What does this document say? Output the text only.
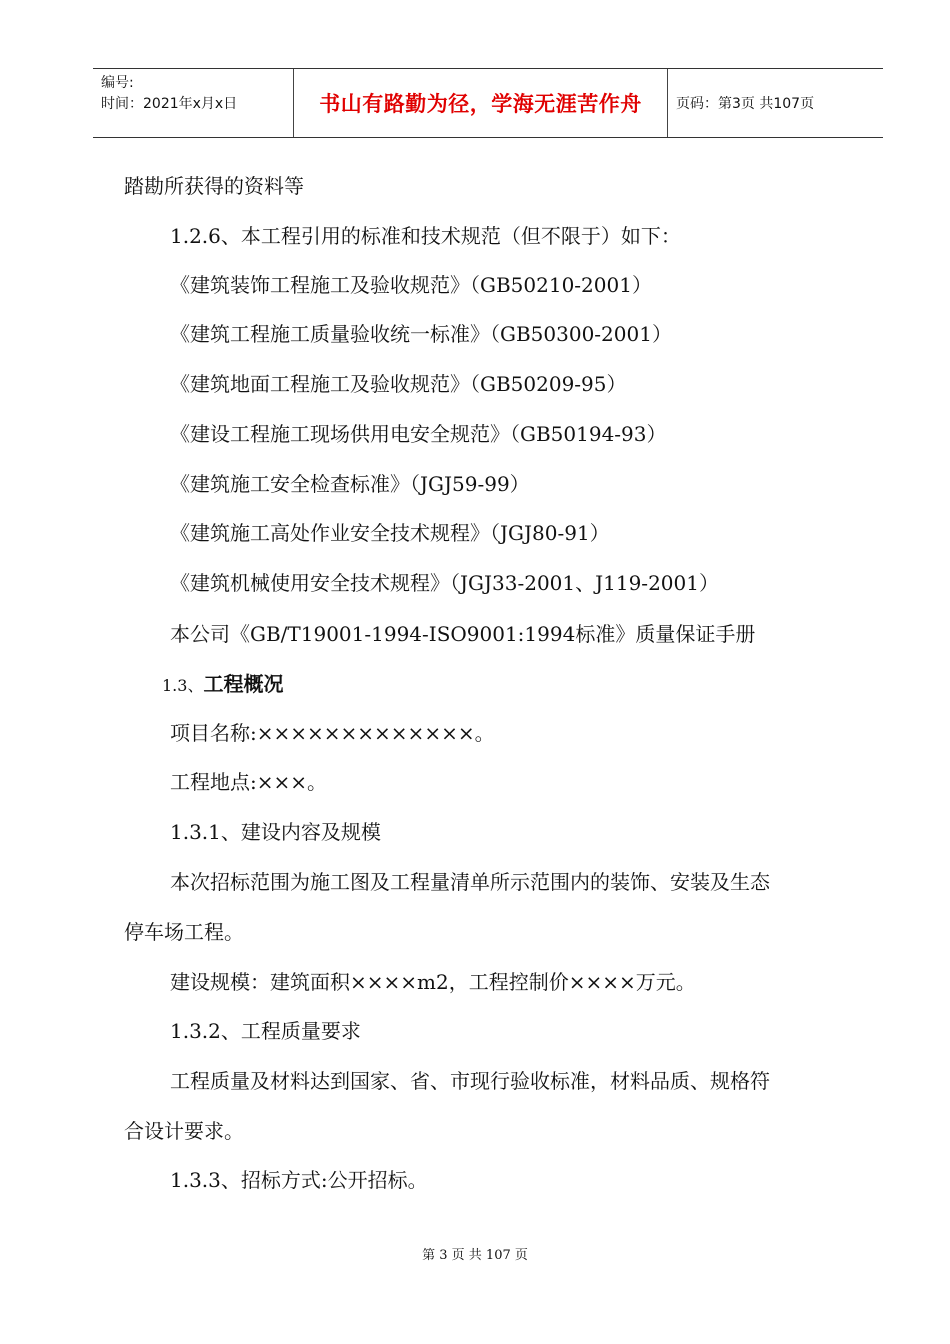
编号:
时间：2021年x月x日	书山有路勤为径，学海无涯苦作舟	页码：第3页 共107页
踏勘所获得的资料等
1.2.6、本工程引用的标准和技术规范（但不限于）如下：
《建筑装饰工程施工及验收规范》（GB50210-2001）
《建筑工程施工质量验收统一标准》（GB50300-2001）
《建筑地面工程施工及验收规范》（GB50209-95）
《建设工程施工现场供用电安全规范》（GB50194-93）
《建筑施工安全检查标准》（JGJ59-99）
《建筑施工高处作业安全技术规程》（JGJ80-91）
《建筑机械使用安全技术规程》（JGJ33-2001、J119-2001）
本公司《GB/T19001-1994-ISO9001:1994标准》质量保证手册
1.3、工程概况
项目名称:×××××××××××××。
工程地点:×××。
1.3.1、建设内容及规模
本次招标范围为施工图及工程量清单所示范围内的装饰、安装及生态
停车场工程。
建设规模：建筑面积××××m2，工程控制价××××万元。
1.3.2、工程质量要求
工程质量及材料达到国家、省、市现行验收标准，材料品质、规格符
合设计要求。
1.3.3、招标方式:公开招标。
第 3 页 共 107 页
